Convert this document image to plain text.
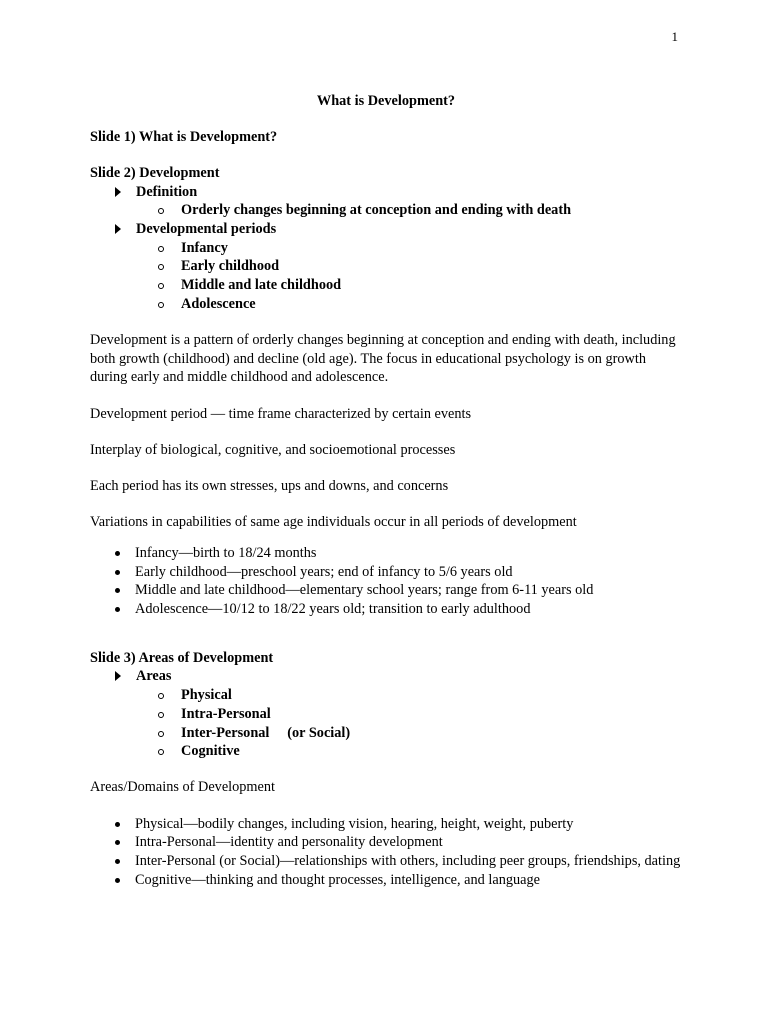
1

What is Development?

Slide 1) What is Development?

Slide 2) Development

Definition
Orderly changes beginning at conception and ending with death
Developmental periods
Infancy
Early childhood
Middle and late childhood
Adolescence

Development is a pattern of orderly changes beginning at conception and ending with death, including both growth (childhood) and decline (old age). The focus in educational psychology is on growth during early and middle childhood and adolescence.

Development period — time frame characterized by certain events

Interplay of biological, cognitive, and socioemotional processes

Each period has its own stresses, ups and downs, and concerns

Variations in capabilities of same age individuals occur in all periods of development

Infancy—birth to 18/24 months
Early childhood—preschool years; end of infancy to 5/6 years old
Middle and late childhood—elementary school years; range from 6-11 years old
Adolescence—10/12 to 18/22 years old; transition to early adulthood

Slide 3) Areas of Development

Areas
Physical
Intra-Personal
Inter-Personal     (or Social)
Cognitive

Areas/Domains of Development

Physical—bodily changes, including vision, hearing, height, weight, puberty
Intra-Personal—identity and personality development
Inter-Personal (or Social)—relationships with others, including peer groups, friendships, dating
Cognitive—thinking and thought processes, intelligence, and language
